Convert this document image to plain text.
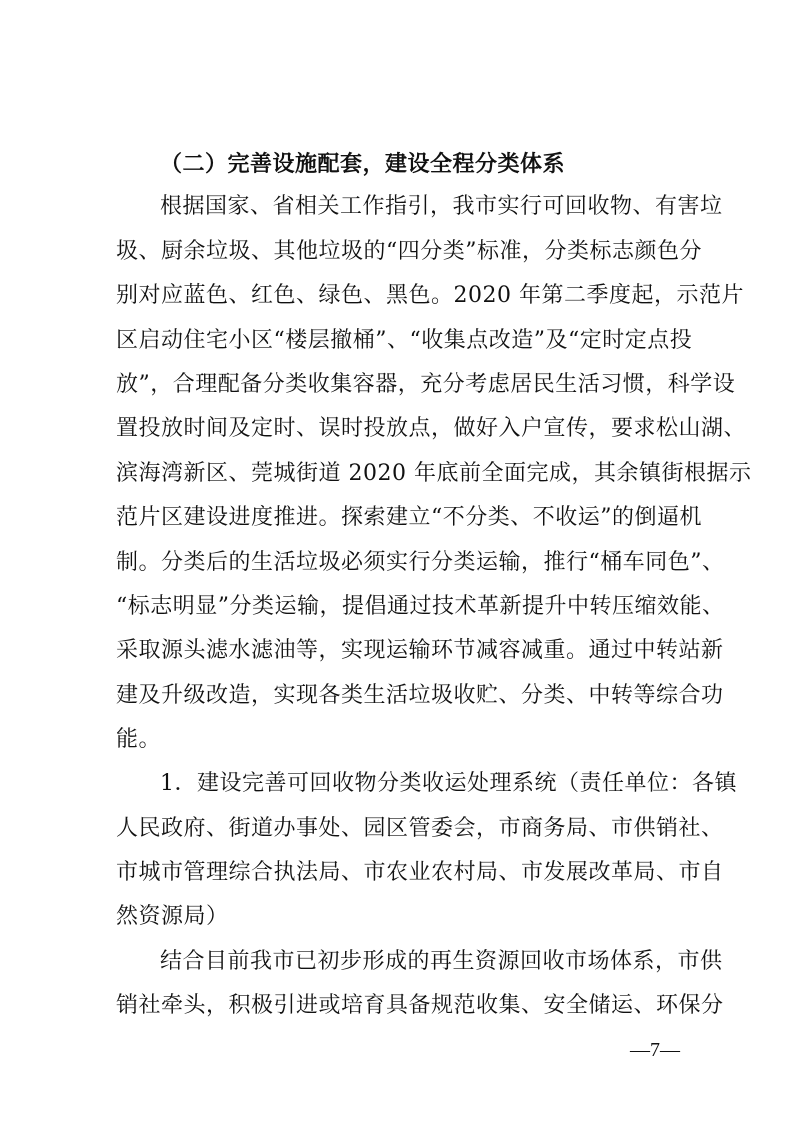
（二）完善设施配套，建设全程分类体系
根据国家、省相关工作指引，我市实行可回收物、有害垃
圾、厨余垃圾、其他垃圾的“四分类”标准，分类标志颜色分
别对应蓝色、红色、绿色、黑色。2020 年第二季度起，示范片
区启动住宅小区“楼层撤桶”、“收集点改造”及“定时定点投
放”，合理配备分类收集容器，充分考虑居民生活习惯，科学设
置投放时间及定时、误时投放点，做好入户宣传，要求松山湖、
滨海湾新区、莞城街道 2020 年底前全面完成，其余镇街根据示
范片区建设进度推进。探索建立“不分类、不收运”的倒逼机
制。分类后的生活垃圾必须实行分类运输，推行“桶车同色”、
“标志明显”分类运输，提倡通过技术革新提升中转压缩效能、
采取源头滤水滤油等，实现运输环节减容减重。通过中转站新
建及升级改造，实现各类生活垃圾收贮、分类、中转等综合功
能。
1．建设完善可回收物分类收运处理系统（责任单位：各镇
人民政府、街道办事处、园区管委会，市商务局、市供销社、
市城市管理综合执法局、市农业农村局、市发展改革局、市自
然资源局）
结合目前我市已初步形成的再生资源回收市场体系，市供
销社牵头，积极引进或培育具备规范收集、安全储运、环保分
—7—
